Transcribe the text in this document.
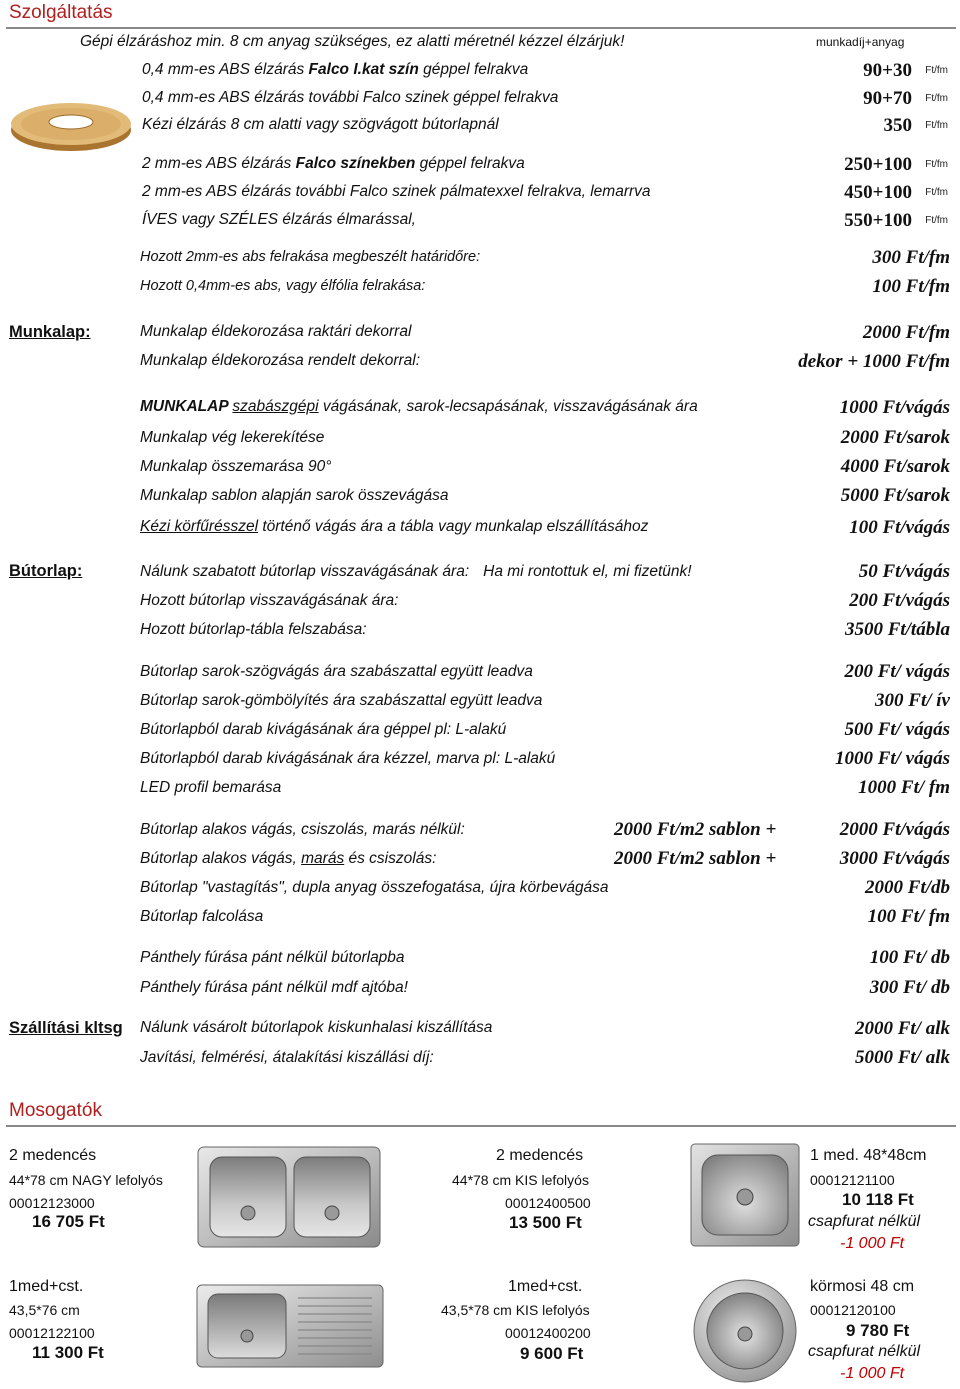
Szolgáltatás
Gépi élzáráshoz min. 8 cm anyag szükséges, ez alatti méretnél kézzel élzárjuk!	munkadíj+anyag
0,4 mm-es ABS élzárás Falco I.kat szín géppel felrakva	90+30 Ft/fm
0,4 mm-es ABS élzárás további Falco szinek géppel felrakva	90+70 Ft/fm
Kézi élzárás 8 cm alatti vagy szögvágott bútorlapnál	350 Ft/fm
2 mm-es ABS élzárás Falco színekben géppel felrakva	250+100 Ft/fm
2 mm-es ABS élzárás további Falco szinek pálmatexxel felrakva, lemarrva	450+100 Ft/fm
ÍVES vagy SZÉLES élzárás élmarással,	550+100 Ft/fm
Hozott 2mm-es abs felrakása megbeszélt határidőre:	300 Ft/fm
Hozott 0,4mm-es abs, vagy élfólia felrakása:	100 Ft/fm
Munkalap:	Munkalap éldekorozása raktári dekorral	2000 Ft/fm
Munkalap éldekorozása rendelt dekorral:	dekor + 1000 Ft/fm
MUNKALAP szabászgépi vágásának, sarok-lecsapásának, visszavágásának ára	1000 Ft/vágás
Munkalap vég lekerekítése	2000 Ft/sarok
Munkalap összemarása 90°	4000 Ft/sarok
Munkalap sablon alapján sarok összevágása	5000 Ft/sarok
Kézi körfűrésszel történő vágás ára a tábla vagy munkalap elszállításához	100 Ft/vágás
Bútorlap:	Nálunk szabatott bútorlap visszavágásának ára: Ha mi rontottuk el, mi fizetünk!	50 Ft/vágás
Hozott bútorlap visszavágásának ára:	200 Ft/vágás
Hozott bútorlap-tábla felszabása:	3500 Ft/tábla
Bútorlap sarok-szögvágás ára szabászattal együtt leadva	200 Ft/ vágás
Bútorlap sarok-gömbölyítés ára szabászattal együtt leadva	300 Ft/ ív
Bútorlapból darab kivágásának ára géppel pl: L-alakú	500 Ft/ vágás
Bútorlapból darab kivágásának ára kézzel, marva pl: L-alakú	1000 Ft/ vágás
LED profil bemarása	1000 Ft/ fm
Bútorlap alakos vágás, csiszolás, marás nélkül:	2000 Ft/m2 sablon +	2000 Ft/vágás
Bútorlap alakos vágás, marás és csiszolás:	2000 Ft/m2 sablon +	3000 Ft/vágás
Bútorlap "vastagítás", dupla anyag összefogatása, újra körbevágása	2000 Ft/db
Bútorlap falcolása	100 Ft/ fm
Pánthely fúrása pánt nélkül bútorlapba	100 Ft/ db
Pánthely fúrása pánt nélkül mdf ajtóba!	300 Ft/ db
Szállítási kltsg Nálunk vásárolt bútorlapok kiskunhalasi kiszállítása	2000 Ft/ alk
Javítási, felmérési, átalakítási kiszállási díj:	5000 Ft/ alk
Mosogatók
2 medencés
44*78 cm NAGY lefolyós
00012123000
16 705 Ft
2 medencés
44*78 cm KIS lefolyós
00012400500
13 500 Ft
1 med. 48*48cm
00012121100
10 118 Ft
csapfurat nélkül
-1 000 Ft
1med+cst.
43,5*76 cm
00012122100
11 300 Ft
1med+cst.
43,5*78 cm KIS lefolyós
00012400200
9 600 Ft
körmosi 48 cm
00012120100
9 780 Ft
csapfurat nélkül
-1 000 Ft
